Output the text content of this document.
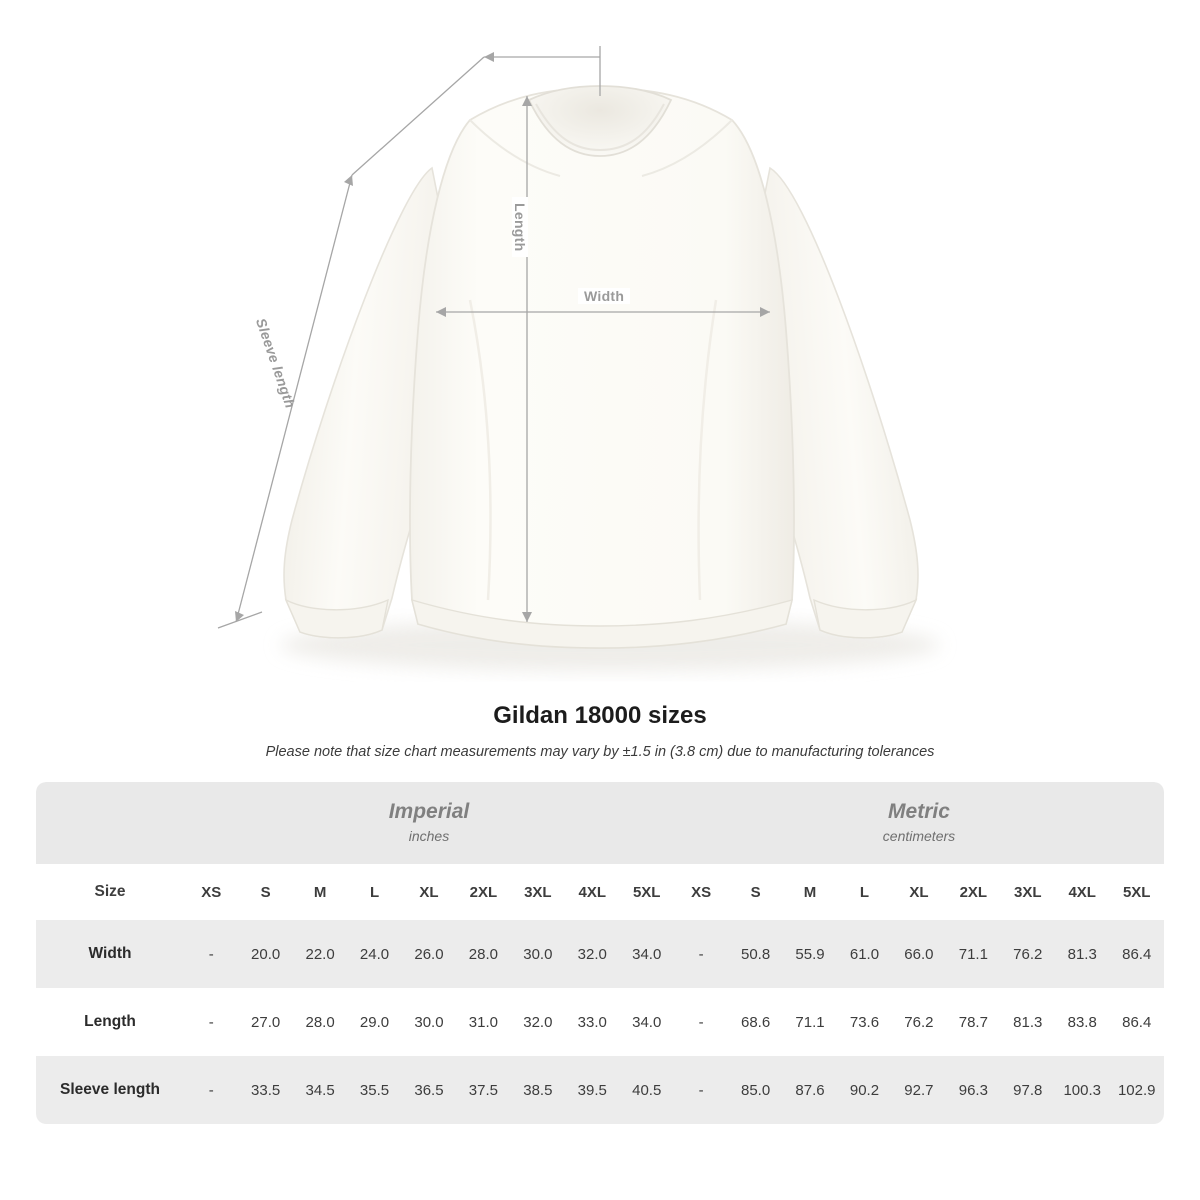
Width
Length
Sleeve length
Gildan 18000 sizes
Please note that size chart measurements may vary by ±1.5 in (3.8 cm) due to manufacturing tolerances

Imperial
inches

Metric
centimeters

Size	XS	S	M	L	XL	2XL	3XL	4XL	5XL	XS	S	M	L	XL	2XL	3XL	4XL	5XL
Width	-	20.0	22.0	24.0	26.0	28.0	30.0	32.0	34.0	-	50.8	55.9	61.0	66.0	71.1	76.2	81.3	86.4
Length	-	27.0	28.0	29.0	30.0	31.0	32.0	33.0	34.0	-	68.6	71.1	73.6	76.2	78.7	81.3	83.8	86.4
Sleeve length	-	33.5	34.5	35.5	36.5	37.5	38.5	39.5	40.5	-	85.0	87.6	90.2	92.7	96.3	97.8	100.3	102.9
